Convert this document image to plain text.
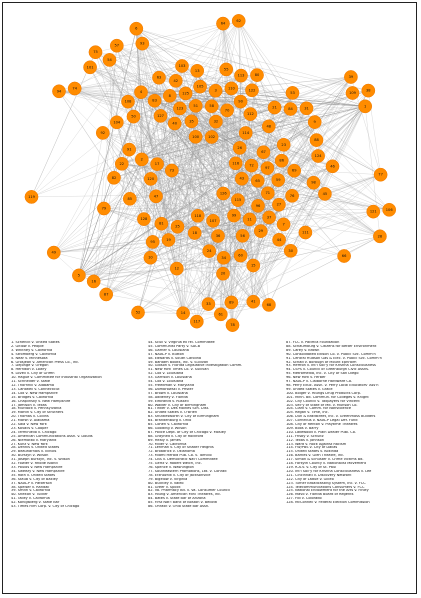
1
2
3
4
5
6
7
8
9
10
11
12
13
14
15
16
17
18
19
20
21
22
23
24
25
26
27
28
29
30
31
32
33
34
35
36
37
38
39
40
41
42
43
44
45
46
47
48
49
50
51
52
53
54
55
56
57
58
59
60
61
62
63
64
65
66
67
68
69
70
71
72
73
74
75
76
77
78
79
80
81
82
83
84
85
86
87
88
89
90
91
92
93
94
95
96
97
98
99
100
101
102
103
104
105
106
107
108
109
110
111
112
113
114
115
116
117
118
119
120
121
122
123
124
125
126
127
128
1. Schenck v. United States
2. Gitlow v. People
3. Whitney v. California
4. Stromberg v. California
5. Near v. Minnesota
6. Grosjean v. American Press Co., Inc.
7. DeJonge v. Oregon
8. Herndon v. Lowry
9. Lovell v. City of Griffin
10. Hague v. Committee for Industrial Organization
11. Schneider v. State
12. Thornhill v. Alabama
13. Cantwell v. Connecticut
14. Cox v. New Hampshire
15. Bridges v. California
16. Chaplinsky v. New Hampshire
17. Jamison v. Texas
18. Murdock v. Pennsylvania
19. Martin v. City of Struthers
20. Thomas v. Collins
21. Marsh v. Alabama
22. Saia v. New York
23. Kovacs v. Cooper
24. Terminiello v. Chicago
25. American Communications Assn. v. Douds
26. Niemotko v. Maryland
27. Kunz v. New York
28. Dennis v. United States
29. Beauharnais v. Illinois
30. Burstyn v. Wilson
31. Joseph Burstyn, Inc. v. Wilson
32. Fowler v. Rhode Island
33. Poulos v. New Hampshire
34. Sweezy v. New Hampshire
35. Roth v. United States
36. Staub v. City of Baxley
37. NAACP v. Patterson
38. Speiser v. Randall
39. Smith v. California
40. Shelton v. Tucker
41. Talley v. California
42. Konigsberg v. State Bar
43. Times Film Corp. v. City of Chicago
44. Scull v. Virginia ex rel. Committee
45. Communist Party v. SACB
46. Garner v. Louisiana
47. NAACP v. Button
48. Edwards v. South Carolina
49. Bantam Books, Inc. v. Sullivan
50. Gibson v. Florida Legislative Investigation Comm.
51. New York Times Co. v. Sullivan
52. Cox v. Louisiana
53. Garrison v. Louisiana
54. Cox v. Louisiana
55. Freedman v. Maryland
56. Dombrowski v. Pfister
57. Brown v. Louisiana
58. Adderley v. Florida
59. Elfbrandt v. Russell
60. Walker v. City of Birmingham
61. Tinker v. Des Moines Sch. Dist.
62. United States v. O'Brien
63. Shuttlesworth v. City of Birmingham
64. Brandenburg v. Ohio
65. Cohen v. California
66. Gooding v. Wilson
67. Police Dept. of City of Chicago v. Mosley
68. Grayned v. City of Rockford
69. Healy v. James
70. Miller v. California
71. Lehman v. City of Shaker Heights
72. Broadrick v. Oklahoma
73. Miami Herald Pub. Co. v. Tornillo
74. CBS v. Democratic Nat'l Committee
75. Gertz v. Robert Welch, Inc.
76. Spence v. Washington
77. Southeastern Promotions, Ltd. v. Conrad
78. Erznoznik v. City of Jacksonville
79. Bigelow v. Virginia
80. Buckley v. Valeo
81. Greer v. Spock
82. Va. Pharmacy Bd. v. Va. Consumer Council
83. Young v. American Mini Theatres, Inc.
84. Bates v. State Bar of Arizona
85. First Nat'l Bank of Boston v. Bellotti
86. Ohralik v. Ohio State Bar Assn.
87. FCC v. Pacifica Foundation
88. Schaumburg v. Citizens for Better Environment
89. Carey v. Brown
90. Consolidated Edison Co. v. Public Svc. Comm'n
91. Central Hudson Gas & Elec. v. Public Svc. Comm'n
92. Schad v. Borough of Mount Ephraim
93. Heffron v. Int'l Soc'y for Krishna Consciousness
94. CSPS v. Council of Greenburgh Civic Assns.
95. Metromedia, Inc. v. City of San Diego
96. New York v. Ferber
97. NAACP v. Claiborne Hardware Co.
98. Perry Educ. Assn. v. Perry Local Educators' Ass'n
99. United States v. Grace
100. Bolger v. Youngs Drug Products Corp.
101. Minn. Bd. Commun. for Colleges v. Knight
102. City Council v. Taxpayers for Vincent
103. Sec'y of State of Md. v. Munson Co.
104. Clark v. Comm. for Nonviolence
105. Regan v. Time, Inc.
106. Dun & Bradstreet, Inc. v. Greenmoss Builders
107. Cornelius v. NAACP Legal Def. Fund
108. City of Renton v. Playtime Theatres
109. Boos v. Barry
110. Lakewood v. Plain Dealer Publ. Co.
111. Frisby v. Schultz
112. Texas v. Johnson
113. Ward v. Rock Against Racism
114. FW/PBS v. City of Dallas
115. United States v. Kokinda
116. Barnes v. Glen Theatre, Inc.
117. Simon & Schuster v. Crime Victims Bd.
118. Forsyth County v. Nationalist Movement
119. R.A.V. v. City of St. Paul
120. Int'l Soc'y for Krishna Consciousness v. Lee
121. Cincinnati v. Discovery Network
122. City of Ladue v. Gilleo
123. Turner Broadcasting System, Inc. v. FCC
124. Telecommunications Consumers v. FCC
125. National Endowment for the Arts v. Finley
126. Mavo v. Florida Board of Regents
127. Hill v. Colorado
128. McConnell v. Federal Election Commission
